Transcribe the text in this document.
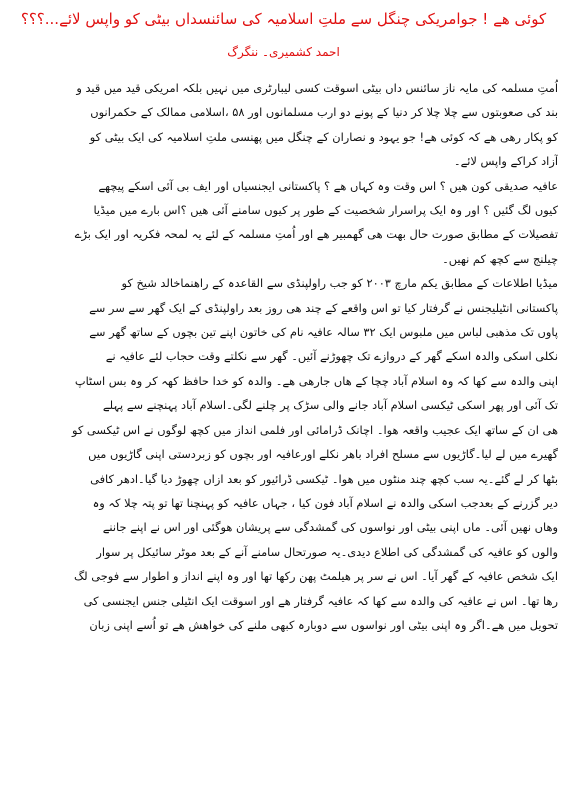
کوئی ھے ! جوامریکی چنگل سے ملتِ اسلامیہ کی سائنسداں بیٹی کو واپس لائے...؟؟؟
احمد کشمیری۔ ننگرگ

اُمتِ مسلمہ کی مایہ ناز سائنس داں بیٹی اسوقت کسی لیبارٹری میں نہیں بلکہ امریکی قید میں قید و
بند کی صعوبتوں سے چلا چلا کر دنیا کے پونے دو ارب مسلمانوں اور ۵۸ ،اسلامی ممالک کے حکمرانوں
کو پکار رھی ھے کہ کوئی ھے! جو یہود و نصاران کے چنگل میں پھنسی ملتِ اسلامیہ کی ایک بیٹی کو
آزاد کراکے واپس لائے۔

عافیہ صدیقی کون ھیں ؟ اس وقت وہ کہاں ھے ؟ پاکستانی ایجنسیاں اور ایف بی آئی اسکے پیچھے
کیوں لگ گئیں ؟ اور وہ ایک پراسرار شخصیت کے طور پر کیوں سامنے آئی ھیں ؟اس بارے میں میڈیا
تفصیلات کے مطابق صورت حال بھت ھی گھمبیر ھے اور اُمتِ مسلمہ کے لئے یہ لمحہ فکریہ اور ایک بڑے
چیلنج سے کچھ کم نھیں۔

میڈیا اطلاعات کے مطابق یکم مارچ ۲۰۰۳ کو جب راولپنڈی سے القاعدہ کے راھنماخالد شیخ کو
پاکستانی انٹیلیجنس نے گرفتار کیا تو اس واقعے کے چند ھی روز بعد راولپنڈی کے ایک گھر سے سر سے
پاوں تک مذھبی لباس میں ملبوس ایک ۳۲ سالہ عافیہ نام کی خاتون اپنے تین بچوں کے ساتھ گھر سے
نکلی اسکی والدہ اسکے گھر کے دروازے تک چھوڑنے آئیں۔ گھر سے نکلتے وقت حجاب لئے عافیہ نے
اپنی والدہ سے کھا کہ وہ اسلام آباد چچا کے ھاں جارھی ھے۔ والدہ کو خدا حافظ کھہ کر وہ بس اسٹاپ
تک آئی اور پھر اسکی ٹیکسی اسلام آباد جانے والی سڑک پر چلنے لگی۔اسلام آباد پہنچنے سے پہلے
ھی ان کے ساتھ ایک عجیب واقعہ ھوا۔ اچانک ڈرامائی اور فلمی انداز میں کچھ لوگوں نے اس ٹیکسی کو
گھیرے میں لے لیا۔گاڑیوں سے مسلح افراد باھر نکلے اورعافیہ اور بچوں کو زبردستی اپنی گاڑیوں میں
بٹھا کر لے گئے۔یہ سب کچھ چند منٹوں میں ھوا۔ ٹیکسی ڈرائیور کو بعد ازاں چھوڑ دیا گیا۔ادھر کافی
دیر گزرنے کے بعدجب اسکی والدہ نے اسلام آباد فون کیا ، جہاں عافیہ کو پہنچنا تھا تو پتہ چلا کہ وہ
وھاں نھیں آئی۔ ماں اپنی بیٹی اور نواسوں کی گمشدگی سے پریشان ھوگئی اور اس نے اپنے جاننے
والوں کو عافیہ کی گمشدگی کی اطلاع دیدی۔یہ صورتحال سامنے آنے کے بعد موٹر سائیکل پر سوار
ایک شخص عافیہ کے گھر آیا۔ اس نے سر پر ھیلمٹ پھن رکھا تھا اور وہ اپنے انداز و اطوار سے فوجی لگ
رھا تھا۔ اس نے عافیہ کی والدہ سے کھا کہ عافیہ گرفتار ھے اور اسوقت ایک انٹیلی جنس ایجنسی کی
تحویل میں ھے۔اگر وہ اپنی بیٹی اور نواسوں سے دوبارہ کبھی ملنے کی خواھش ھے تو اُسے اپنی زبان
